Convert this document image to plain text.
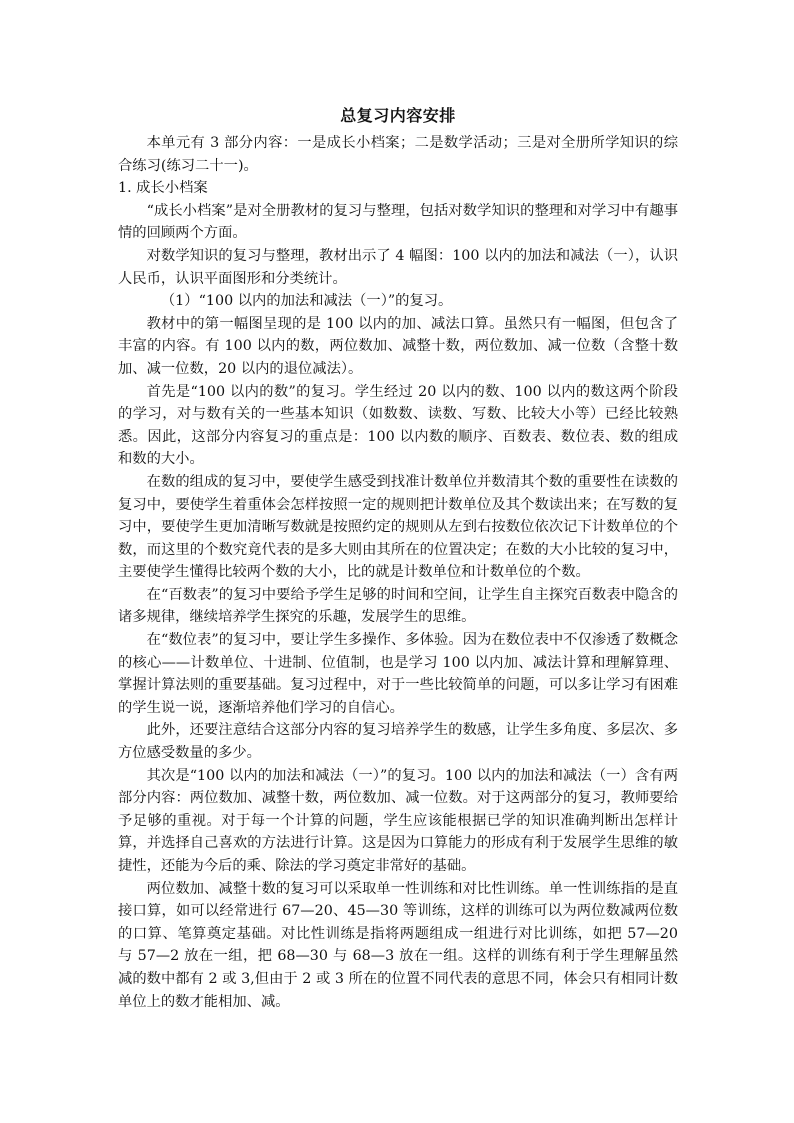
总复习内容安排

本单元有 3 部分内容：一是成长小档案；二是数学活动；三是对全册所学知识的综合练习(练习二十一)。

1. 成长小档案

“成长小档案”是对全册教材的复习与整理，包括对数学知识的整理和对学习中有趣事情的回顾两个方面。

对数学知识的复习与整理，教材出示了 4 幅图：100 以内的加法和减法（一），认识人民币，认识平面图形和分类统计。

（1）“100 以内的加法和减法（一）”的复习。

教材中的第一幅图呈现的是 100 以内的加、减法口算。虽然只有一幅图，但包含了丰富的内容。有 100 以内的数，两位数加、减整十数，两位数加、减一位数（含整十数加、减一位数，20 以内的退位减法）。

首先是“100 以内的数”的复习。学生经过 20 以内的数、100 以内的数这两个阶段的学习，对与数有关的一些基本知识（如数数、读数、写数、比较大小等）已经比较熟悉。因此，这部分内容复习的重点是：100 以内数的顺序、百数表、数位表、数的组成和数的大小。

在数的组成的复习中，要使学生感受到找准计数单位并数清其个数的重要性在读数的复习中，要使学生着重体会怎样按照一定的规则把计数单位及其个数读出来；在写数的复习中，要使学生更加清晰写数就是按照约定的规则从左到右按数位依次记下计数单位的个数，而这里的个数究竟代表的是多大则由其所在的位置决定；在数的大小比较的复习中，主要使学生懂得比较两个数的大小，比的就是计数单位和计数单位的个数。

在“百数表”的复习中要给予学生足够的时间和空间，让学生自主探究百数表中隐含的诸多规律，继续培养学生探究的乐趣，发展学生的思维。

在“数位表”的复习中，要让学生多操作、多体验。因为在数位表中不仅渗透了数概念的核心——计数单位、十进制、位值制，也是学习 100 以内加、减法计算和理解算理、掌握计算法则的重要基础。复习过程中，对于一些比较简单的问题，可以多让学习有困难的学生说一说，逐渐培养他们学习的自信心。

此外，还要注意结合这部分内容的复习培养学生的数感，让学生多角度、多层次、多方位感受数量的多少。

其次是“100 以内的加法和减法（一）”的复习。100 以内的加法和减法（一）含有两部分内容：两位数加、减整十数，两位数加、减一位数。对于这两部分的复习，教师要给予足够的重视。对于每一个计算的问题，学生应该能根据已学的知识准确判断出怎样计算，并选择自己喜欢的方法进行计算。这是因为口算能力的形成有利于发展学生思维的敏捷性，还能为今后的乘、除法的学习奠定非常好的基础。

两位数加、减整十数的复习可以采取单一性训练和对比性训练。单一性训练指的是直接口算，如可以经常进行 67—20、45—30 等训练，这样的训练可以为两位数减两位数的口算、笔算奠定基础。对比性训练是指将两题组成一组进行对比训练，如把 57—20 与 57—2 放在一组，把 68—30 与 68—3 放在一组。这样的训练有利于学生理解虽然减的数中都有 2 或 3,但由于 2 或 3 所在的位置不同代表的意思不同，体会只有相同计数单位上的数才能相加、减。
